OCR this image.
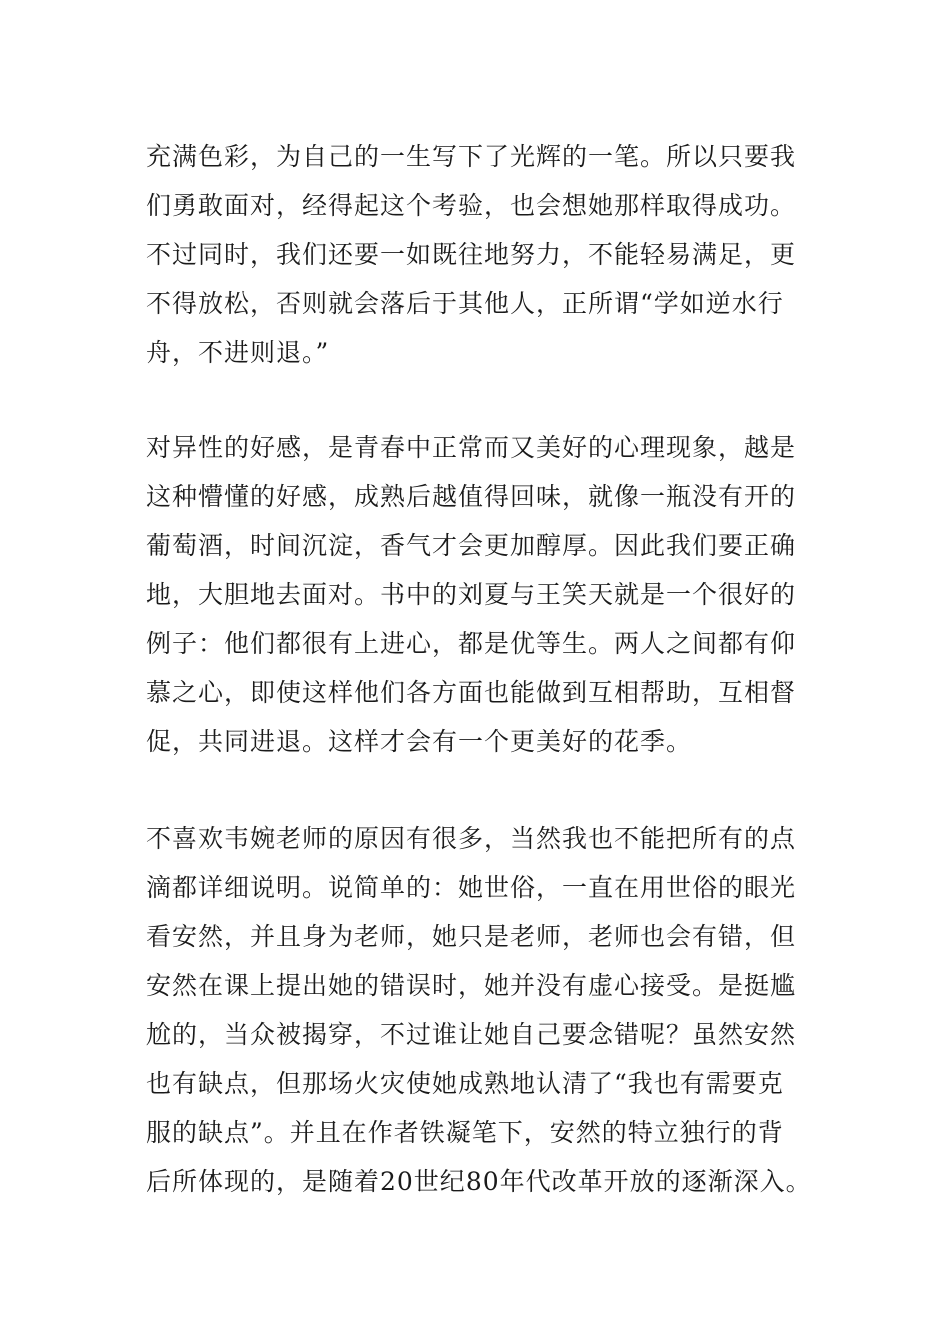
充满色彩，为自己的一生写下了光辉的一笔。所以只要我
们勇敢面对，经得起这个考验，也会想她那样取得成功。
不过同时，我们还要一如既往地努力，不能轻易满足，更
不得放松，否则就会落后于其他人，正所谓“学如逆水行
舟，不进则退。”

对异性的好感，是青春中正常而又美好的心理现象，越是
这种懵懂的好感，成熟后越值得回味，就像一瓶没有开的
葡萄酒，时间沉淀，香气才会更加醇厚。因此我们要正确
地，大胆地去面对。书中的刘夏与王笑天就是一个很好的
例子：他们都很有上进心，都是优等生。两人之间都有仰
慕之心，即使这样他们各方面也能做到互相帮助，互相督
促，共同进退。这样才会有一个更美好的花季。

不喜欢韦婉老师的原因有很多，当然我也不能把所有的点
滴都详细说明。说简单的：她世俗，一直在用世俗的眼光
看安然，并且身为老师，她只是老师，老师也会有错，但
安然在课上提出她的错误时，她并没有虚心接受。是挺尴
尬的，当众被揭穿，不过谁让她自己要念错呢？虽然安然
也有缺点，但那场火灾使她成熟地认清了“我也有需要克
服的缺点”。并且在作者铁凝笔下，安然的特立独行的背
后所体现的，是随着20世纪80年代改革开放的逐渐深入。
